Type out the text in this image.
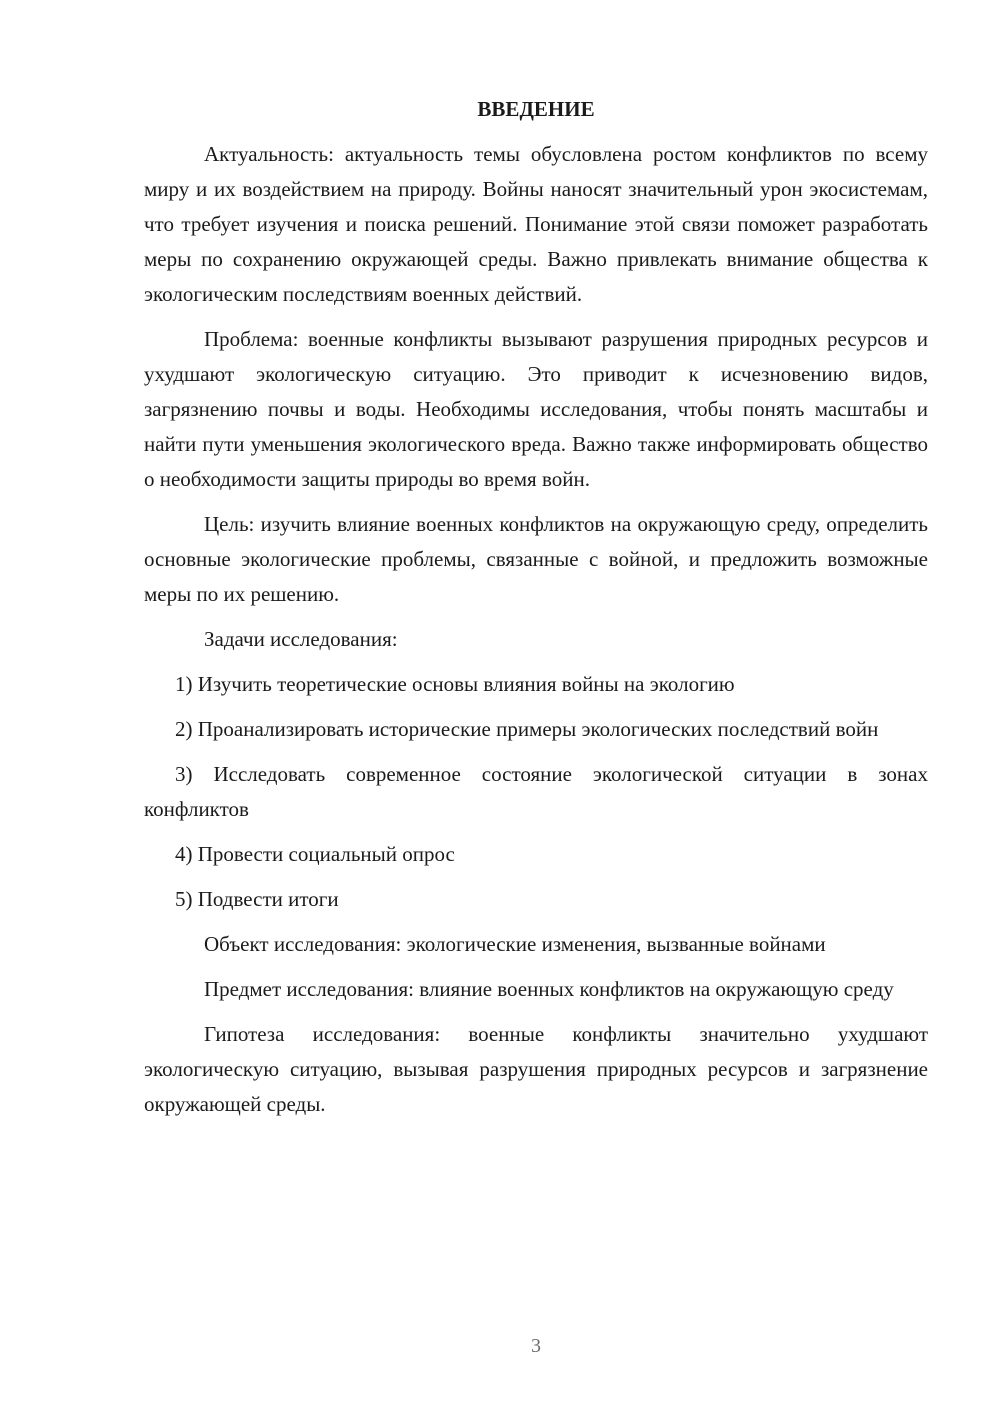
ВВЕДЕНИЕ

Актуальность: актуальность темы обусловлена ростом конфликтов по всему миру и их воздействием на природу. Войны наносят значительный урон экосистемам, что требует изучения и поиска решений. Понимание этой связи поможет разработать меры по сохранению окружающей среды. Важно привлекать внимание общества к экологическим последствиям военных действий.

Проблема: военные конфликты вызывают разрушения природных ресурсов и ухудшают экологическую ситуацию. Это приводит к исчезновению видов, загрязнению почвы и воды. Необходимы исследования, чтобы понять масштабы и найти пути уменьшения экологического вреда. Важно также информировать общество о необходимости защиты природы во время войн.

Цель: изучить влияние военных конфликтов на окружающую среду, определить основные экологические проблемы, связанные с войной, и предложить возможные меры по их решению.

Задачи исследования:

1) Изучить теоретические основы влияния войны на экологию

2) Проанализировать исторические примеры экологических последствий войн

3) Исследовать современное состояние экологической ситуации в зонах конфликтов

4) Провести социальный опрос

5) Подвести итоги

Объект исследования: экологические изменения, вызванные войнами

Предмет исследования: влияние военных конфликтов на окружающую среду

Гипотеза исследования: военные конфликты значительно ухудшают экологическую ситуацию, вызывая разрушения природных ресурсов и загрязнение окружающей среды.

3
